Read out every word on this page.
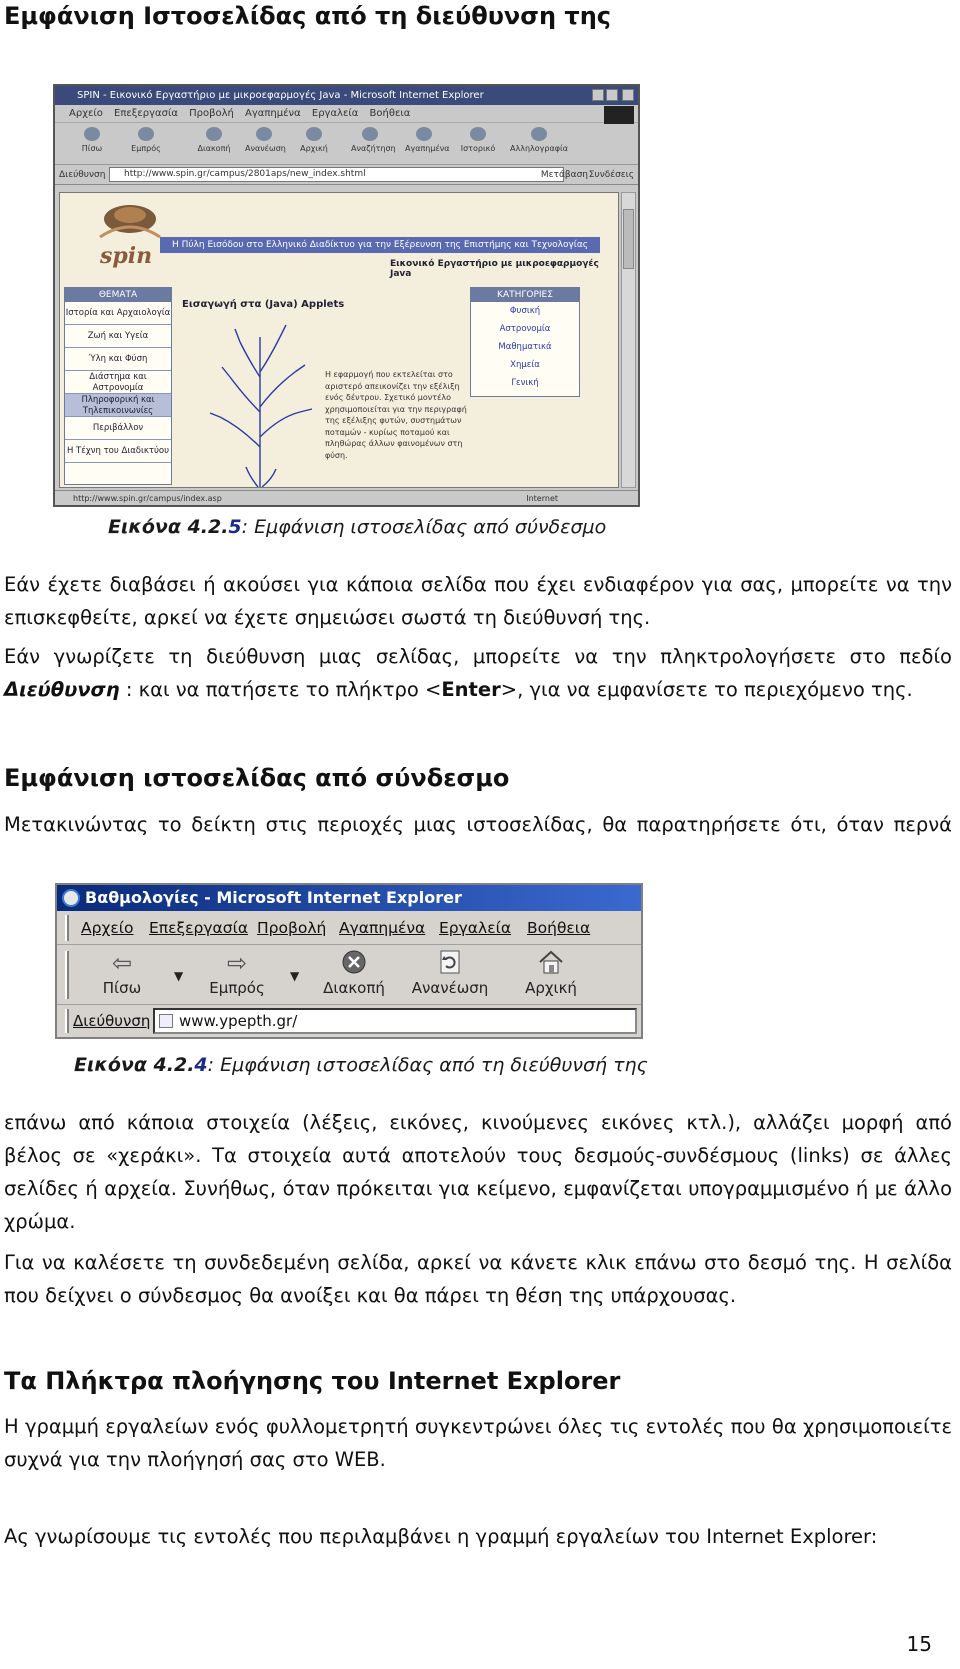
Εμφάνιση Ιστοσελίδας από τη διεύθυνση της
SPIN - Εικονικό Εργαστήριο με μικροεφαρμογές Java - Microsoft Internet Explorer
Αρχείο Επεξεργασία Προβολή Αγαπημένα Εργαλεία Βοήθεια
Πίσω	Εμπρός	Διακοπή	Ανανέωση	Αρχική	Αναζήτηση Αγαπημένα Ιστορικό Αλληλογραφία
Διεύθυνση	http://www.spin.gr/campus/2801aps/new_index.shtml	Μετάβαση Συνδέσεις
spin	Η Πύλη Εισόδου στο Ελληνικό Διαδίκτυο για την Εξέρευνση της Επιστήμης και Τεχνολογίας
Εικονικό Εργαστήριο με μικροεφαρμογές Java
ΘΕΜΑΤΑ
Ιστορία και Αρχαιολογία
Ζωή και Υγεία
Ύλη και Φύση
Διάστημα και Αστρονομία
Πληροφορική και Τηλεπικοινωνίες
Περιβάλλον
Η Τέχνη του Διαδικτύου
Εισαγωγή στα (Java) Applets
Η εφαρμογή που εκτελείται στο αριστερό απεικονίζει την εξέλιξη ενός δέντρου. Σχετικό μοντέλο χρησιμοποιείται για την περιγραφή της εξέλιξης φυτών, συστημάτων ποταμών - κυρίως ποταμού και πληθώρας άλλων φαινομένων στη φύση.
ΚΑΤΗΓΟΡΙΕΣ
Φυσική
Αστρονομία
Μαθηματικά
Χημεία
Γενική
http://www.spin.gr/campus/index.asp	Internet
Εικόνα 4.2.5: Εμφάνιση ιστοσελίδας από σύνδεσμο

Εάν έχετε διαβάσει ή ακούσει για κάποια σελίδα που έχει ενδιαφέρον για σας, μπορείτε να την επισκεφθείτε, αρκεί να έχετε σημειώσει σωστά τη διεύθυνσή της.

Εάν γνωρίζετε τη διεύθυνση μιας σελίδας, μπορείτε να την πληκτρολογήσετε στο πεδίο Διεύθυνση : και να πατήσετε το πλήκτρο <Enter>, για να εμφανίσετε το περιεχόμενο της.

Εμφάνιση ιστοσελίδας από σύνδεσμο

Μετακινώντας το δείκτη στις περιοχές μιας ιστοσελίδας, θα παρατηρήσετε ότι, όταν περνά

Βαθμολογίες - Microsoft Internet Explorer
Αρχείο Επεξεργασία Προβολή Αγαπημένα Εργαλεία Βοήθεια
⇦
Πίσω
▼	⇨
Εμπρός
▼
Διακοπή	Ανανέωση	Αρχική
Διεύθυνση	www.ypepth.gr/
Εικόνα 4.2.4: Εμφάνιση ιστοσελίδας από τη διεύθυνσή της

επάνω από κάποια στοιχεία (λέξεις, εικόνες, κινούμενες εικόνες κτλ.), αλλάζει μορφή από βέλος σε «χεράκι». Τα στοιχεία αυτά αποτελούν τους δεσμούς-συνδέσμους (links) σε άλλες σελίδες ή αρχεία. Συνήθως, όταν πρόκειται για κείμενο, εμφανίζεται υπογραμμισμένο ή με άλλο χρώμα.

Για να καλέσετε τη συνδεδεμένη σελίδα, αρκεί να κάνετε κλικ επάνω στο δεσμό της. Η σελίδα που δείχνει ο σύνδεσμος θα ανοίξει και θα πάρει τη θέση της υπάρχουσας.

Τα Πλήκτρα πλοήγησης του Internet Explorer

Η γραμμή εργαλείων ενός φυλλομετρητή συγκεντρώνει όλες τις εντολές που θα χρησιμοποιείτε συχνά για την πλοήγησή σας στο WEB.

Ας γνωρίσουμε τις εντολές που περιλαμβάνει η γραμμή εργαλείων του Internet Explorer:

15
